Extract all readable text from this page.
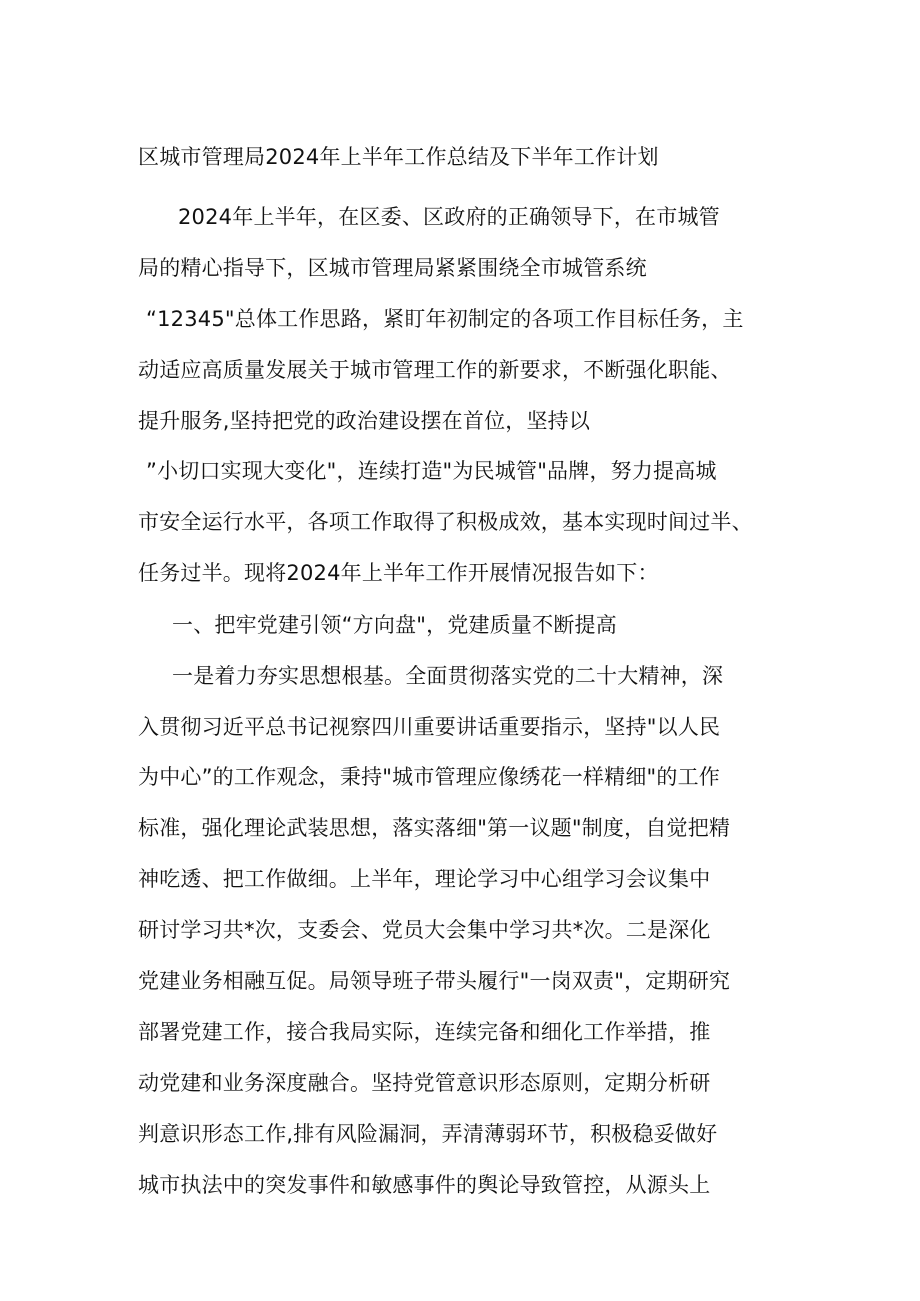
区城市管理局2024年上半年工作总结及下半年工作计划
2024年上半年，在区委、区政府的正确领导下，在市城管
局的精心指导下，区城市管理局紧紧围绕全市城管系统
“12345"总体工作思路，紧盯年初制定的各项工作目标任务，主
动适应高质量发展关于城市管理工作的新要求，不断强化职能、
提升服务,坚持把党的政治建设摆在首位，坚持以
”小切口实现大变化"，连续打造"为民城管"品牌，努力提高城
市安全运行水平，各项工作取得了积极成效，基本实现时间过半、
任务过半。现将2024年上半年工作开展情况报告如下：
一、把牢党建引领“方向盘"，党建质量不断提高
一是着力夯实思想根基。全面贯彻落实党的二十大精神，深
入贯彻习近平总书记视察四川重要讲话重要指示，坚持"以人民
为中心”的工作观念，秉持"城市管理应像绣花一样精细"的工作
标准，强化理论武装思想，落实落细"第一议题"制度，自觉把精
神吃透、把工作做细。上半年，理论学习中心组学习会议集中
研讨学习共*次，支委会、党员大会集中学习共*次。二是深化
党建业务相融互促。局领导班子带头履行"一岗双责"，定期研究
部署党建工作，接合我局实际，连续完备和细化工作举措，推
动党建和业务深度融合。坚持党管意识形态原则，定期分析研
判意识形态工作,排有风险漏洞，弄清薄弱环节，积极稳妥做好
城市执法中的突发事件和敏感事件的舆论导致管控，从源头上
